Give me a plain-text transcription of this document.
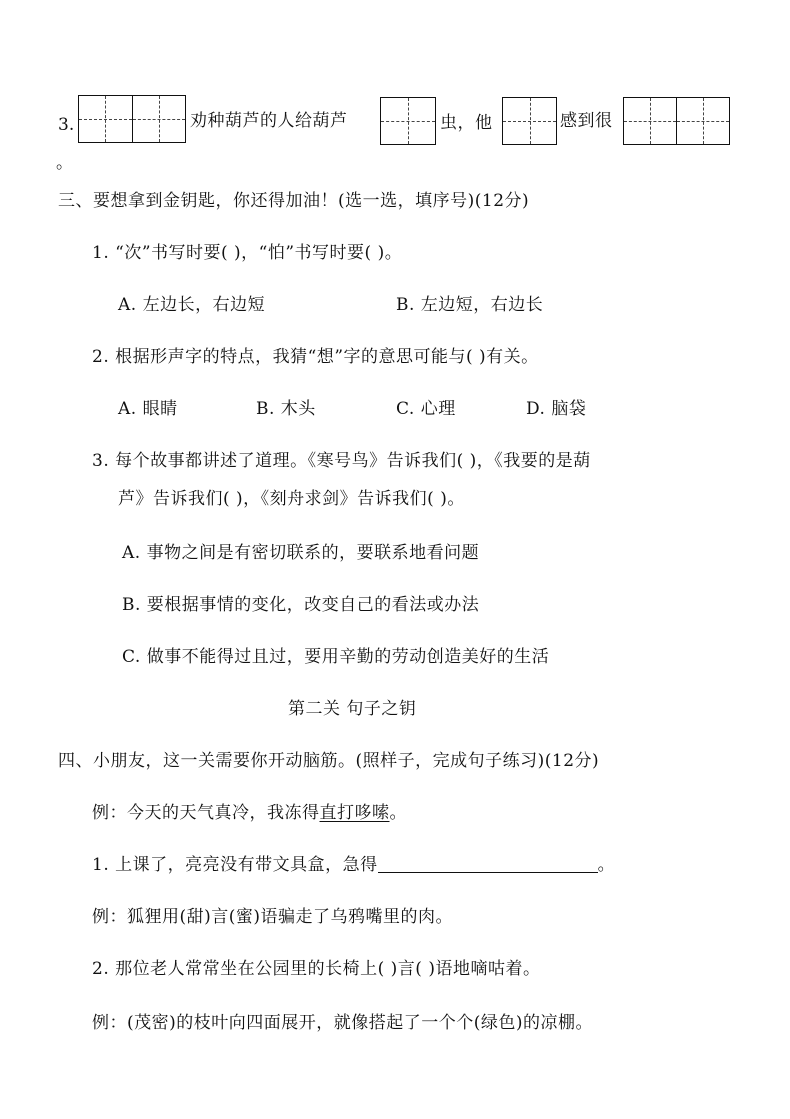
3.	劝种葫芦的人给葫芦	虫，他	感到很
。
三、要想拿到金钥匙，你还得加油！(选一选，填序号)(12分)
1. “次”书写时要( )，“怕”书写时要( )。
A. 左边长，右边短	B. 左边短，右边长
2. 根据形声字的特点，我猜“想”字的意思可能与( )有关。
A. 眼睛	B. 木头	C. 心理	D. 脑袋
3. 每个故事都讲述了道理。《寒号鸟》告诉我们( )，《我要的是葫
芦》告诉我们( )，《刻舟求剑》告诉我们( )。
A. 事物之间是有密切联系的，要联系地看问题
B. 要根据事情的变化，改变自己的看法或办法
C. 做事不能得过且过，要用辛勤的劳动创造美好的生活
第二关 句子之钥
四、小朋友，这一关需要你开动脑筋。(照样子，完成句子练习)(12分)
例：今天的天气真冷，我冻得直打哆嗦。
1. 上课了，亮亮没有带文具盒，急得	。
例：狐狸用(甜)言(蜜)语骗走了乌鸦嘴里的肉。
2. 那位老人常常坐在公园里的长椅上( )言( )语地嘀咕着。
例：(茂密)的枝叶向四面展开，就像搭起了一个个(绿色)的凉棚。
